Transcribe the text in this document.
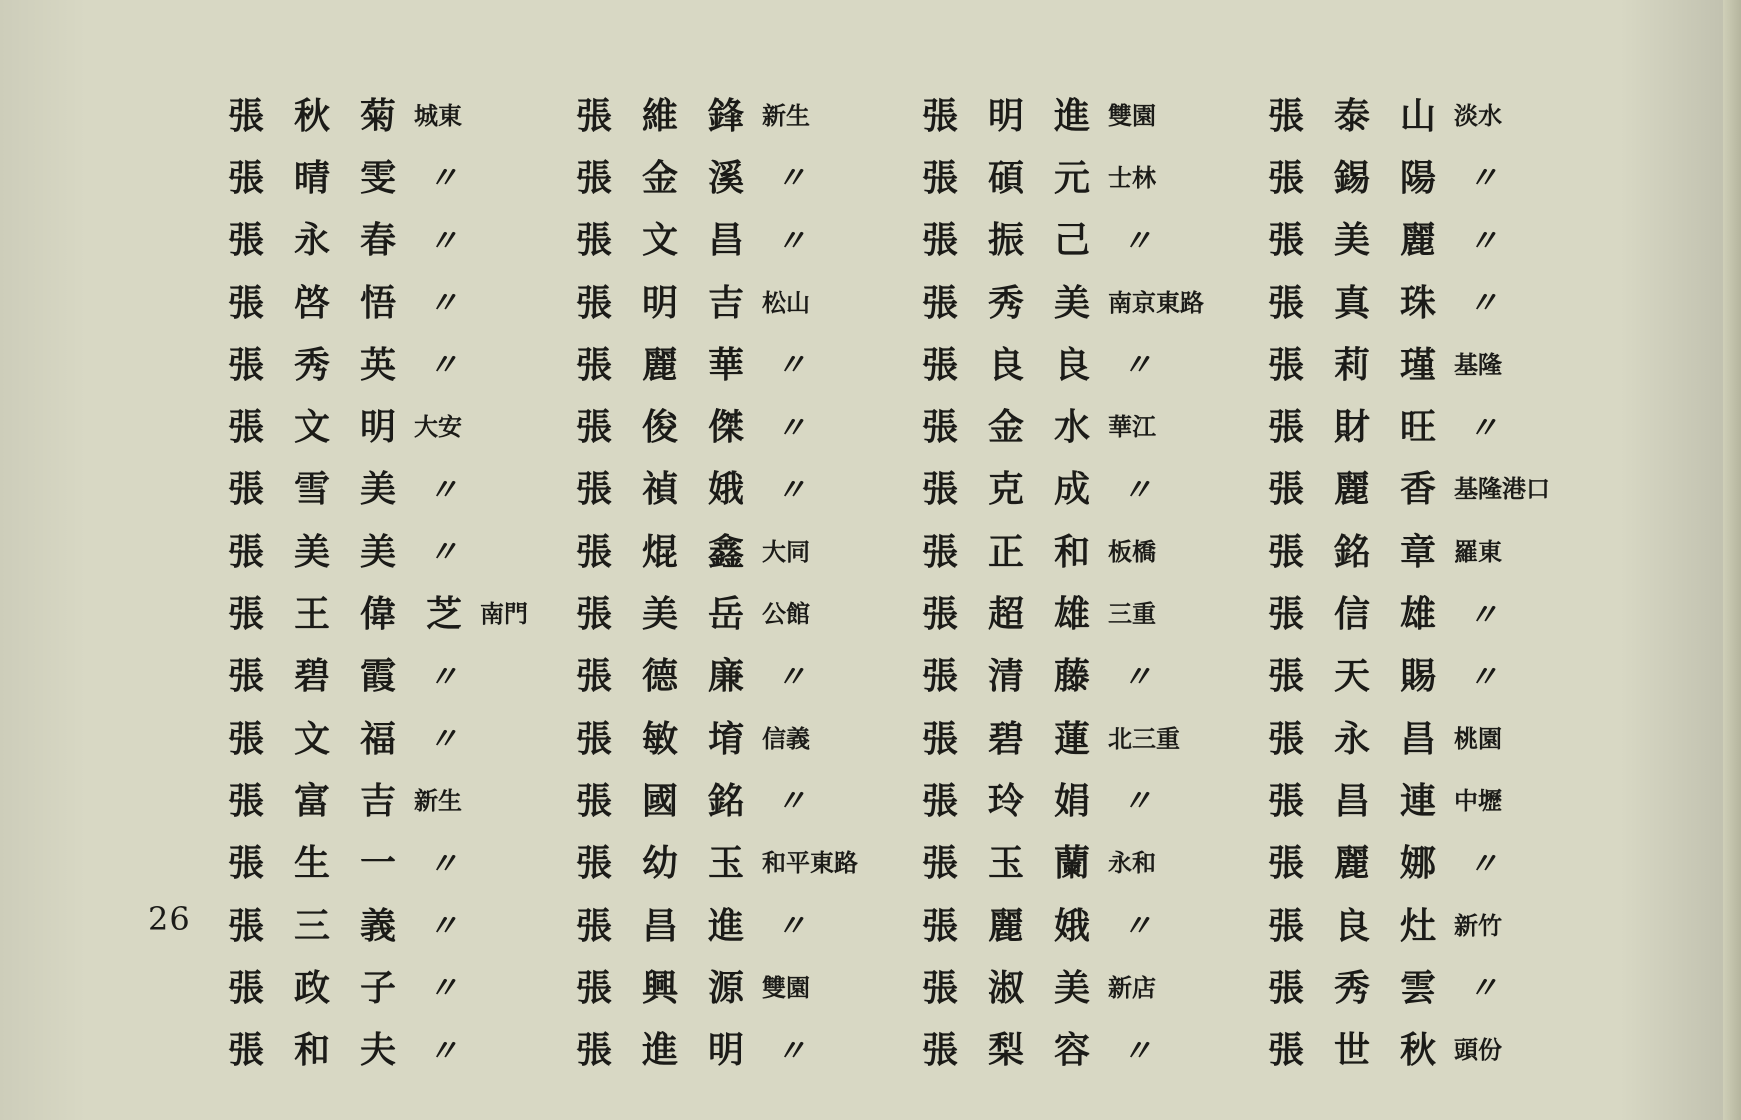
26
張秋菊
城東
張晴雯 〃
張永春 〃
張啓悟 〃
張秀英 〃
張文明
大安
張雪美 〃
張美美 〃
張王偉芝
南門
張碧霞 〃
張文福 〃
張富吉
新生
張生一 〃
張三義 〃
張政子 〃
張和夫 〃
張維鋒
新生
張金溪 〃
張文昌 〃
張明吉
松山
張麗華 〃
張俊傑 〃
張禎娥 〃
張焜鑫
大同
張美岳
公館
張德廉 〃
張敏堉
信義
張國銘 〃
張幼玉
和平東路
張昌進 〃
張興源
雙園
張進明 〃
張明進
雙園
張碩元
士林
張振己 〃
張秀美
南京東路
張良良 〃
張金水
華江
張克成 〃
張正和
板橋
張超雄
三重
張清藤 〃
張碧蓮
北三重
張玲娟 〃
張玉蘭
永和
張麗娥 〃
張淑美
新店
張梨容 〃
張泰山
淡水
張錫陽 〃
張美麗 〃
張真珠 〃
張莉瑾
基隆
張財旺 〃
張麗香
基隆港口
張銘章
羅東
張信雄 〃
張天賜 〃
張永昌
桃園
張昌連
中壢
張麗娜 〃
張良灶
新竹
張秀雲 〃
張世秋
頭份
